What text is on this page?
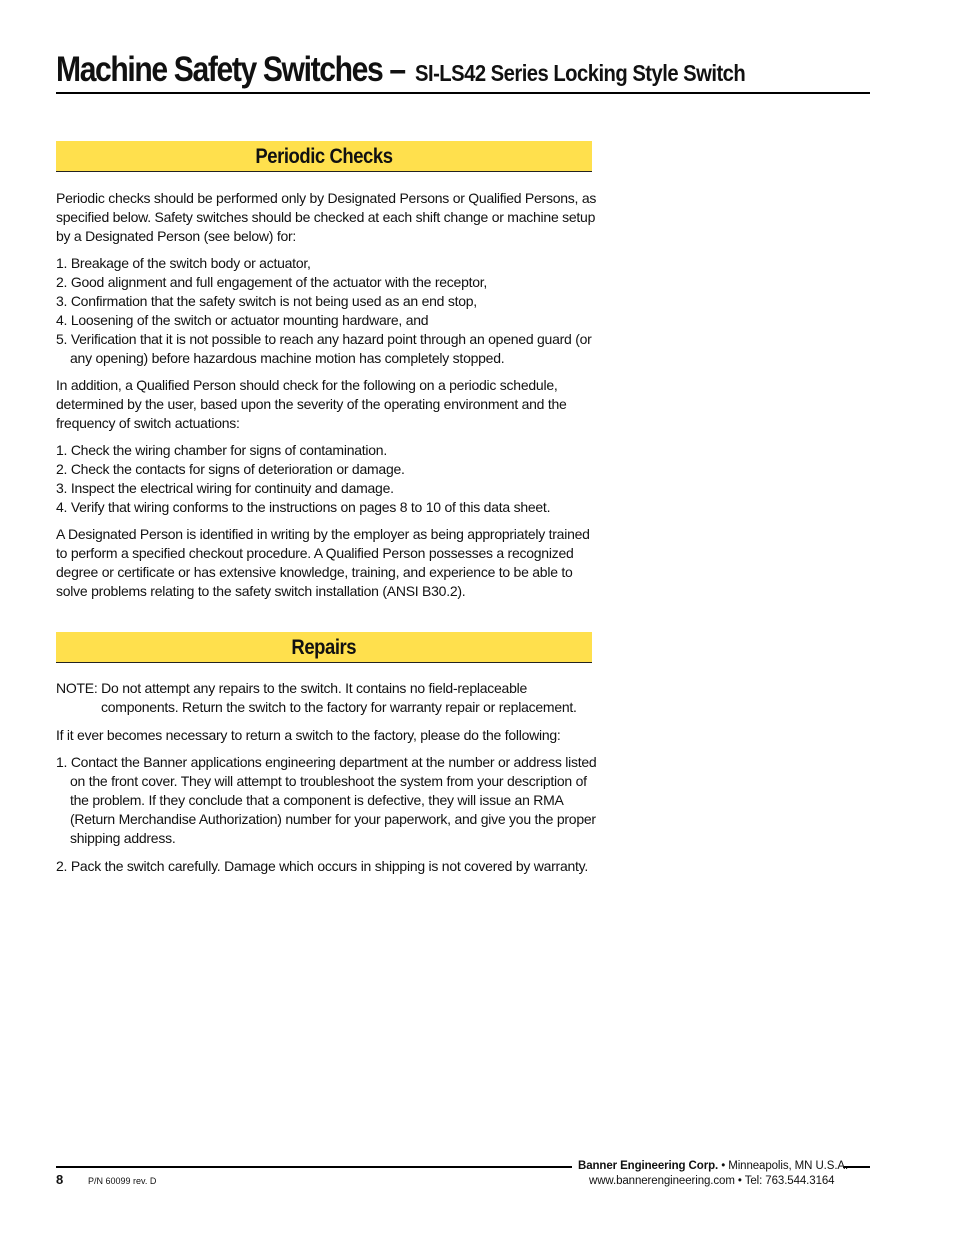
Machine Safety Switches – SI-LS42 Series Locking Style Switch
Periodic Checks

Periodic checks should be performed only by Designated Persons or Qualified Persons, as specified below. Safety switches should be checked at each shift change or machine setup by a Designated Person (see below) for:

1. Breakage of the switch body or actuator,
2. Good alignment and full engagement of the actuator with the receptor,
3. Confirmation that the safety switch is not being used as an end stop,
4. Loosening of the switch or actuator mounting hardware, and
5. Verification that it is not possible to reach any hazard point through an opened guard (or any opening) before hazardous machine motion has completely stopped.

In addition, a Qualified Person should check for the following on a periodic schedule, determined by the user, based upon the severity of the operating environment and the frequency of switch actuations:

1. Check the wiring chamber for signs of contamination.
2. Check the contacts for signs of deterioration or damage.
3. Inspect the electrical wiring for continuity and damage.
4. Verify that wiring conforms to the instructions on pages 8 to 10 of this data sheet.

A Designated Person is identified in writing by the employer as being appropriately trained to perform a specified checkout procedure. A Qualified Person possesses a recognized degree or certificate or has extensive knowledge, training, and experience to be able to solve problems relating to the safety switch installation (ANSI B30.2).

Repairs

NOTE: Do not attempt any repairs to the switch. It contains no field-replaceable components. Return the switch to the factory for warranty repair or replacement.

If it ever becomes necessary to return a switch to the factory, please do the following:

1. Contact the Banner applications engineering department at the number or address listed on the front cover. They will attempt to troubleshoot the system from your description of the problem. If they conclude that a component is defective, they will issue an RMA (Return Merchandise Authorization) number for your paperwork, and give you the proper shipping address.
2. Pack the switch carefully. Damage which occurs in shipping is not covered by warranty.
8	P/N 60099 rev. D
Banner Engineering Corp. • Minneapolis, MN U.S.A.
www.bannerengineering.com • Tel: 763.544.3164
